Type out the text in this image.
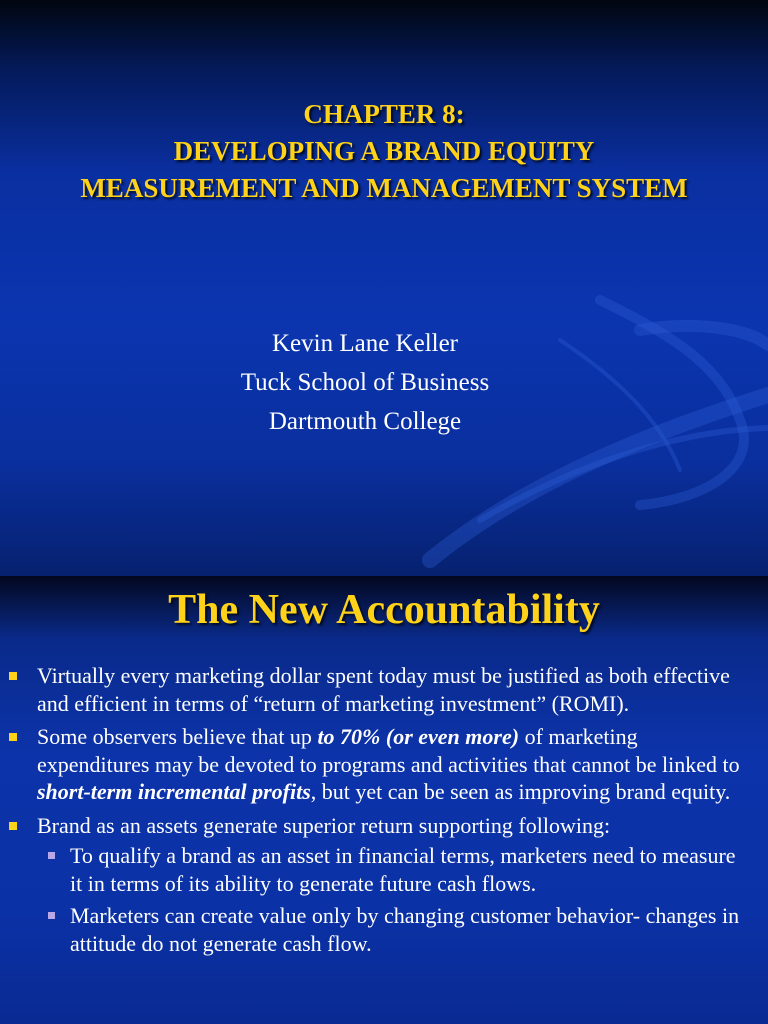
CHAPTER 8:
DEVELOPING A BRAND EQUITY
MEASUREMENT AND MANAGEMENT SYSTEM
Kevin Lane Keller
Tuck School of Business
Dartmouth College
The New Accountability
Virtually every marketing dollar spent today must be justified as both effective and efficient in terms of “return of marketing investment” (ROMI).
Some observers believe that up to 70% (or even more) of marketing expenditures may be devoted to programs and activities that cannot be linked to short-term incremental profits, but yet can be seen as improving brand equity.
Brand as an assets generate superior return supporting following:
To qualify a brand as an asset in financial terms, marketers need to measure it in terms of its ability to generate future cash flows.
Marketers can create value only by changing customer behavior- changes in attitude do not generate cash flow.
